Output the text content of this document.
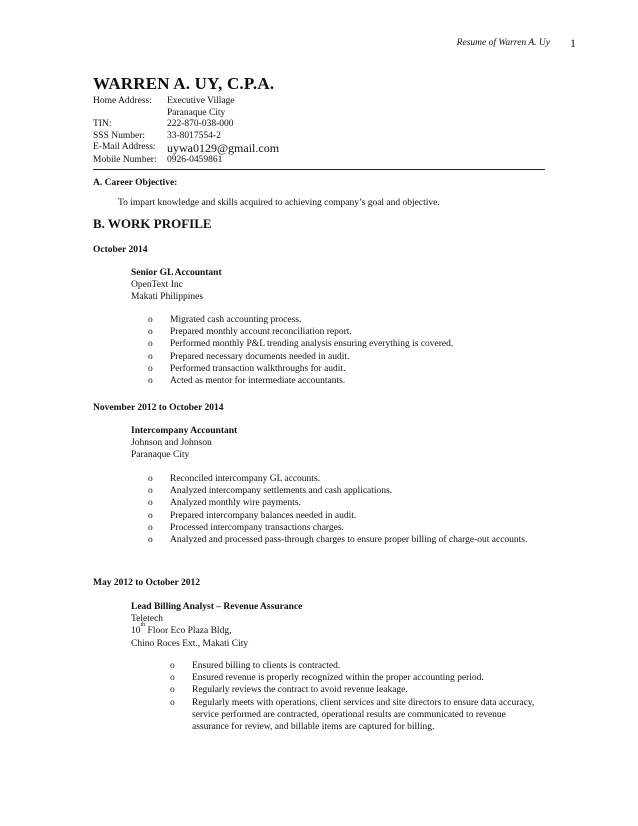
Resume of Warren A. Uy 1
WARREN A. UY, C.P.A.
Home Address:	Executive Village
Paranaque City
TIN:	222-870-038-000
SSS Number:	33-8017554-2
E-Mail Address: uywa0129@gmail.com
Mobile Number:	0926-0459861
A. Career Objective:
To impart knowledge and skills acquired to achieving company’s goal and objective.
B. WORK PROFILE
October 2014
Senior GL Accountant
OpenText Inc
Makati Philippines
o	Migrated cash accounting process.
o	Prepared monthly account reconciliation report.
o	Performed monthly P&L trending analysis ensuring everything is covered.
o	Prepared necessary documents needed in audit.
o	Performed transaction walkthroughs for audit.
o	Acted as mentor for intermediate accountants.
November 2012 to October 2014
Intercompany Accountant
Johnson and Johnson
Paranaque City
o	Reconciled intercompany GL accounts.
o	Analyzed intercompany settlements and cash applications.
o	Analyzed monthly wire payments.
o	Prepared intercompany balances needed in audit.
o	Processed intercompany transactions charges.
o	Analyzed and processed pass-through charges to ensure proper billing of charge-out accounts.
May 2012 to October 2012
Lead Billing Analyst – Revenue Assurance
Teletech
10th Floor Eco Plaza Bldg,
Chino Roces Ext., Makati City
o	Ensured billing to clients is contracted.
o	Ensured revenue is properly recognized within the proper accounting period.
o	Regularly reviews the contract to avoid revenue leakage.
o	Regularly meets with operations, client services and site directors to ensure data accuracy, service performed are contracted, operational results are communicated to revenue assurance for review, and billable items are captured for billing.
